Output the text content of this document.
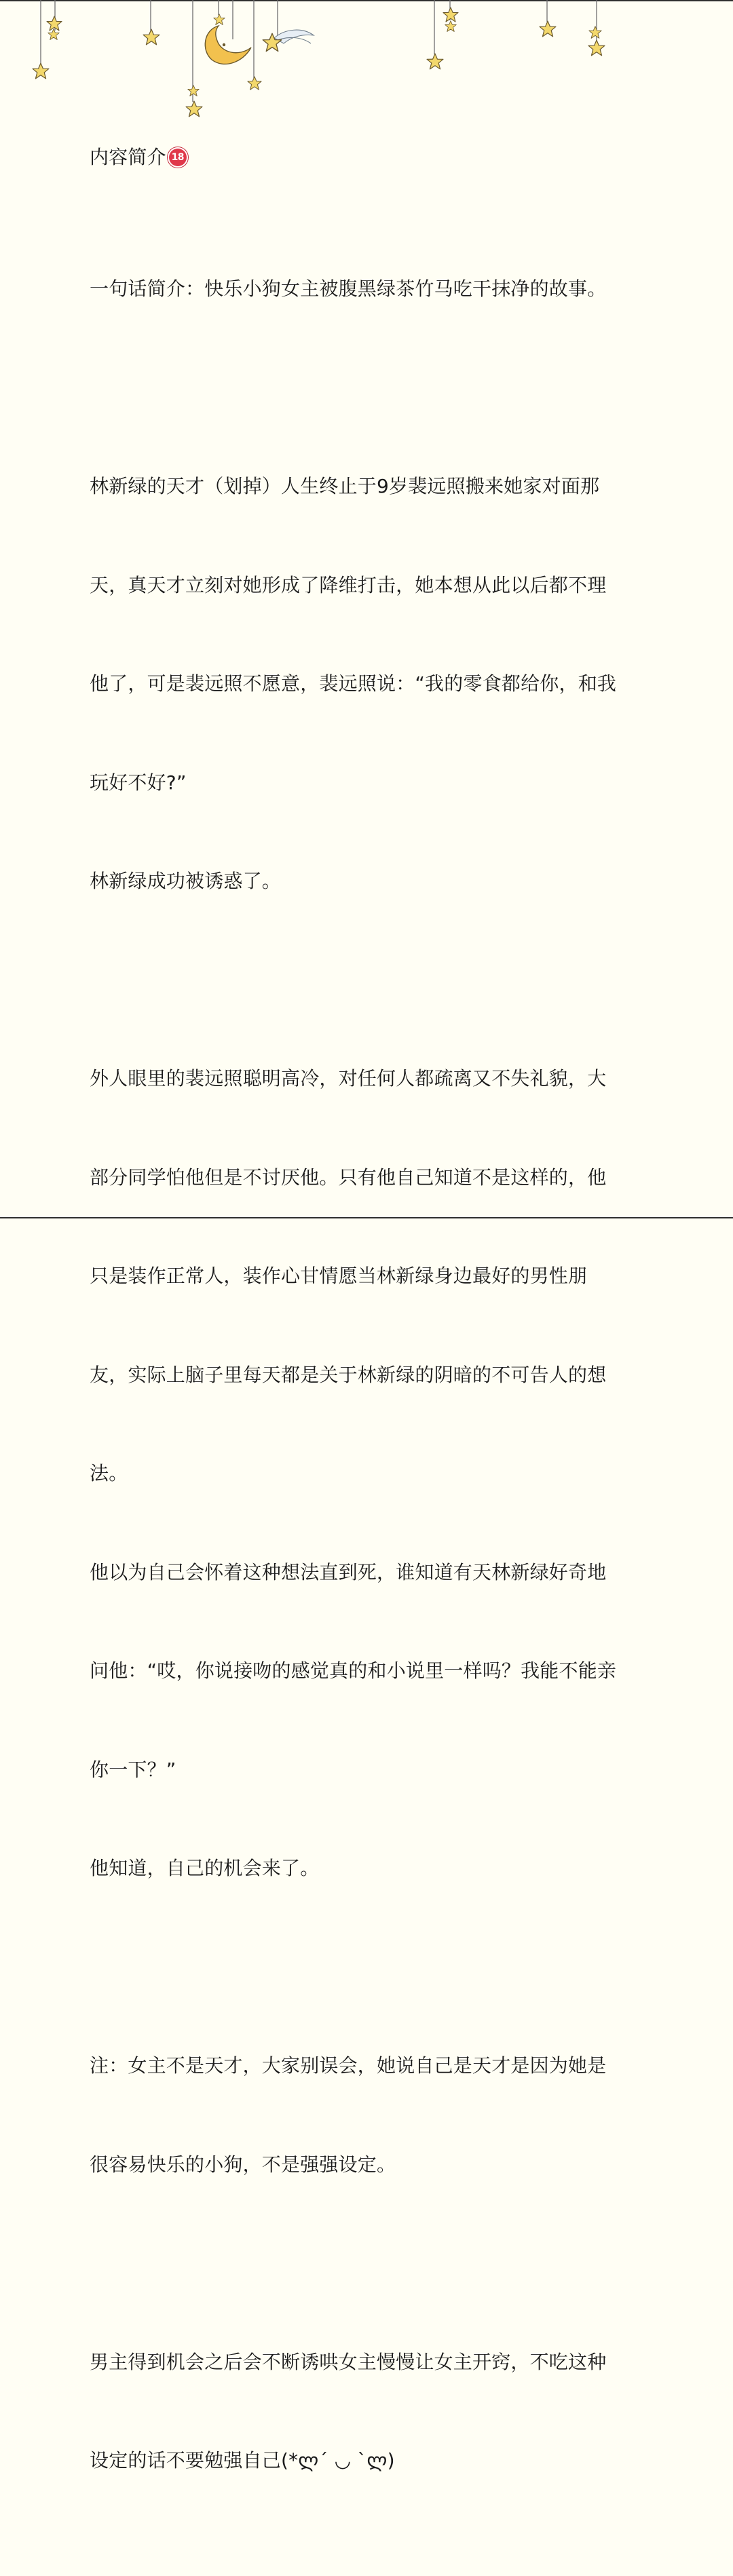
内容简介 18

一句话简介：快乐小狗女主被腹黑绿茶竹马吃干抹净的故事。

林新绿的天才（划掉）人生终止于9岁裴远照搬来她家对面那

天，真天才立刻对她形成了降维打击，她本想从此以后都不理

他了，可是裴远照不愿意，裴远照说：“我的零食都给你，和我

玩好不好?”

林新绿成功被诱惑了。

外人眼里的裴远照聪明高冷，对任何人都疏离又不失礼貌，大

部分同学怕他但是不讨厌他。只有他自己知道不是这样的，他

只是装作正常人，装作心甘情愿当林新绿身边最好的男性朋

友，实际上脑子里每天都是关于林新绿的阴暗的不可告人的想

法。

他以为自己会怀着这种想法直到死，谁知道有天林新绿好奇地

问他：“哎，你说接吻的感觉真的和小说里一样吗？我能不能亲

你一下？”

他知道，自己的机会来了。

注：女主不是天才，大家别误会，她说自己是天才是因为她是

很容易快乐的小狗，不是强强设定。

男主得到机会之后会不断诱哄女主慢慢让女主开窍，不吃这种

设定的话不要勉强自己(*ლ´ ◡ `ლ)
